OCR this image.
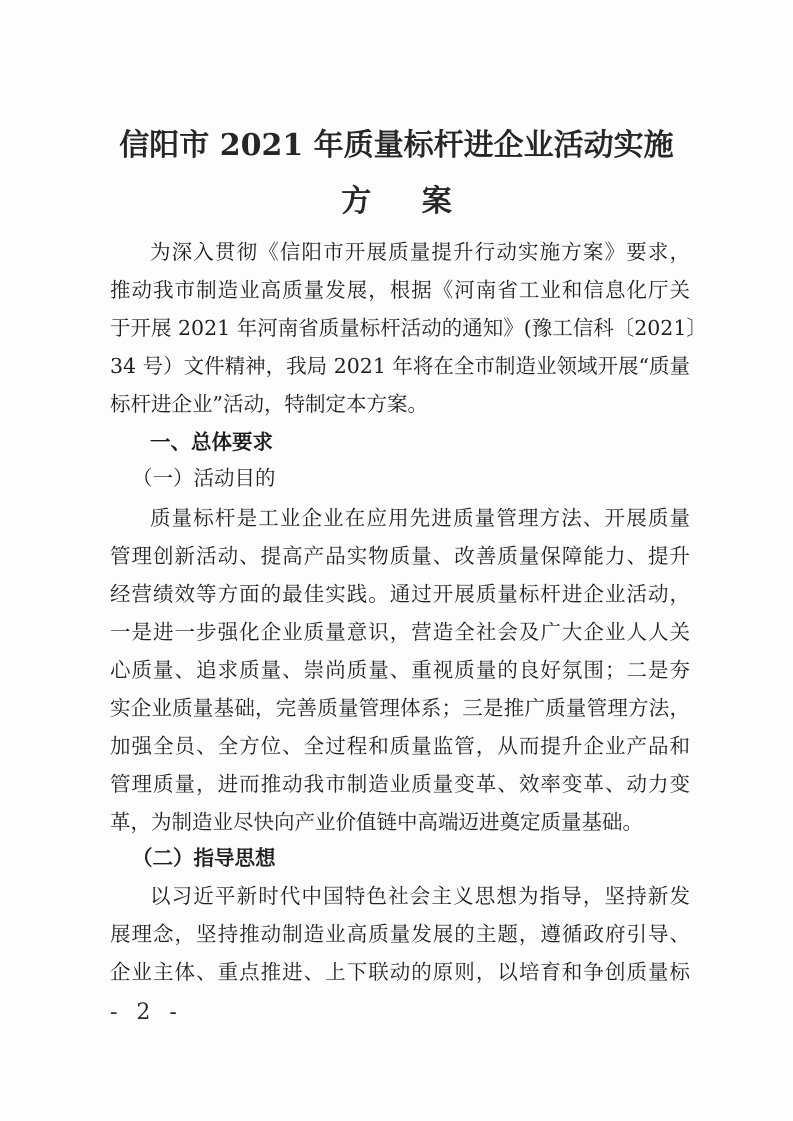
信阳市 2021 年质量标杆进企业活动实施
方 案
为深入贯彻《信阳市开展质量提升行动实施方案》要求，
推动我市制造业高质量发展，根据《河南省工业和信息化厅关
于开展 2021 年河南省质量标杆活动的通知》(豫工信科〔2021〕
34 号）文件精神，我局 2021 年将在全市制造业领域开展“质量
标杆进企业”活动，特制定本方案。
一、总体要求
（一）活动目的
质量标杆是工业企业在应用先进质量管理方法、开展质量
管理创新活动、提高产品实物质量、改善质量保障能力、提升
经营绩效等方面的最佳实践。通过开展质量标杆进企业活动，
一是进一步强化企业质量意识，营造全社会及广大企业人人关
心质量、追求质量、崇尚质量、重视质量的良好氛围；二是夯
实企业质量基础，完善质量管理体系；三是推广质量管理方法，
加强全员、全方位、全过程和质量监管，从而提升企业产品和
管理质量，进而推动我市制造业质量变革、效率变革、动力变
革，为制造业尽快向产业价值链中高端迈进奠定质量基础。
（二）指导思想
以习近平新时代中国特色社会主义思想为指导，坚持新发
展理念，坚持推动制造业高质量发展的主题，遵循政府引导、
企业主体、重点推进、上下联动的原则，以培育和争创质量标
- 2 -
